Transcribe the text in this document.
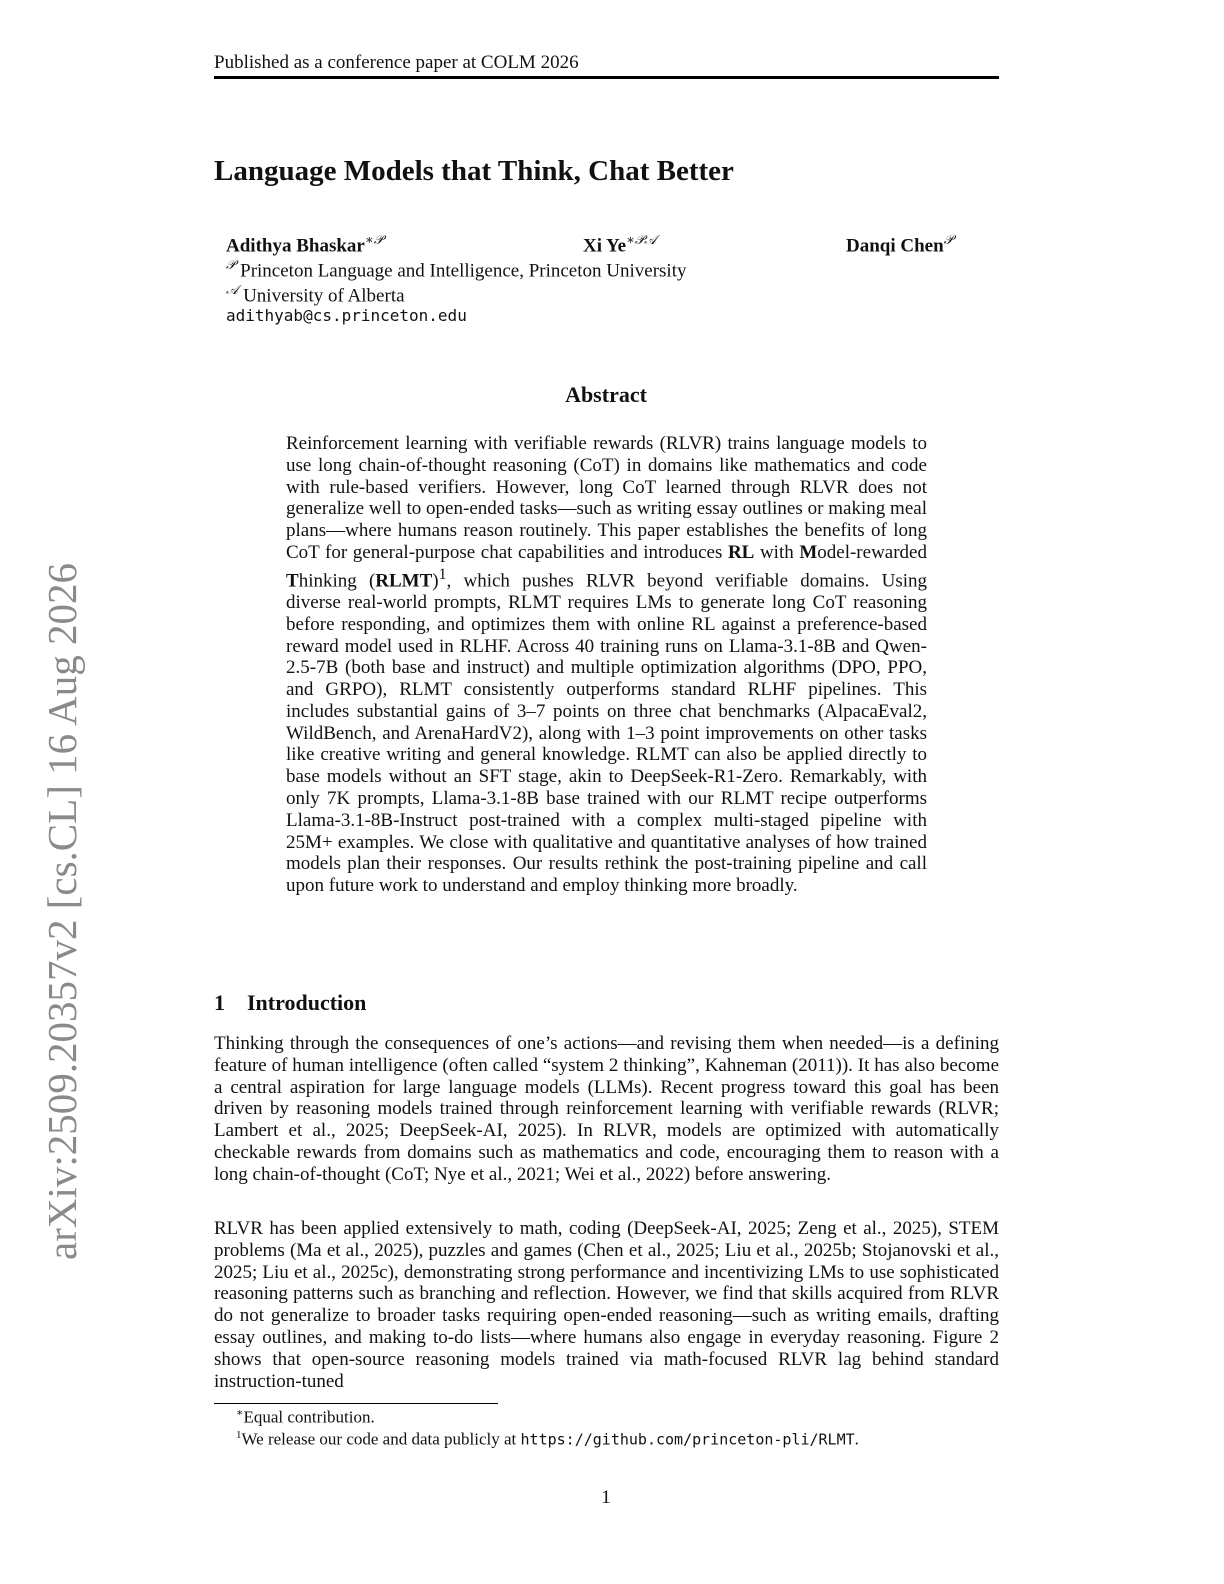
arXiv:2509.20357v2 [cs.CL] 16 Aug 2026
Published as a conference paper at COLM 2026
Language Models that Think, Chat Better
Adithya Bhaskar$^{∗𝒫}$	Xi $Ye^{∗𝒫𝒜}$	Danqi Chen$^𝒫$
$^𝒫$ Princeton Language and Intelligence, Princeton University
$^𝒜$ University of Alberta
adithyab@cs.princeton.edu
Abstract
Reinforcement learning with verifiable rewards (RLVR) trains language models to use long chain-of-thought reasoning (CoT) in domains like mathematics and code with rule-based verifiers. However, long CoT learned through RLVR does not generalize well to open-ended tasks—such as writing essay outlines or making meal plans—where humans reason routinely. This paper establishes the benefits of long CoT for general-purpose chat capabilities and introduces RL with Model-rewarded Thinking (RLMT)$^1$, which pushes RLVR beyond verifiable domains. Using diverse real-world prompts, RLMT requires LMs to generate long CoT reasoning before responding, and optimizes them with online RL against a preference-based reward model used in RLHF. Across 40 training runs on Llama-3.1-8B and Qwen-2.5-7B (both base and instruct) and multiple optimization algorithms (DPO, PPO, and GRPO), RLMT consistently outperforms standard RLHF pipelines. This includes substantial gains of 3–7 points on three chat benchmarks (AlpacaEval2, WildBench, and ArenaHardV2), along with 1–3 point improvements on other tasks like creative writing and general knowledge. RLMT can also be applied directly to base models without an SFT stage, akin to DeepSeek-R1-Zero. Remarkably, with only 7K prompts, Llama-3.1-8B base trained with our RLMT recipe outperforms Llama-3.1-8B-Instruct post-trained with a complex multi-staged pipeline with 25M+ examples. We close with qualitative and quantitative analyses of how trained models plan their responses. Our results rethink the post-training pipeline and call upon future work to understand and employ thinking more broadly.
1 Introduction
Thinking through the consequences of one’s actions—and revising them when needed—is a defining feature of human intelligence (often called “system 2 thinking”, Kahneman (2011)). It has also become a central aspiration for large language models (LLMs). Recent progress toward this goal has been driven by reasoning models trained through reinforcement learning with verifiable rewards (RLVR; Lambert et al., 2025; DeepSeek-AI, 2025). In RLVR, models are optimized with automatically checkable rewards from domains such as mathematics and code, encouraging them to reason with a long chain-of-thought (CoT; Nye et al., 2021; Wei et al., 2022) before answering.
RLVR has been applied extensively to math, coding (DeepSeek-AI, 2025; Zeng et al., 2025), STEM problems (Ma et al., 2025), puzzles and games (Chen et al., 2025; Liu et al., 2025b; Stojanovski et al., 2025; Liu et al., 2025c), demonstrating strong performance and incentivizing LMs to use sophisticated reasoning patterns such as branching and reflection. However, we find that skills acquired from RLVR do not generalize to broader tasks requiring open-ended reasoning—such as writing emails, drafting essay outlines, and making to-do lists—where humans also engage in everyday reasoning. Figure 2 shows that open-source reasoning models trained via math-focused RLVR lag behind standard instruction-tuned
∗Equal contribution.
$^1$We release our code and data publicly at https://github.com/princeton-pli/RLMT.
1
